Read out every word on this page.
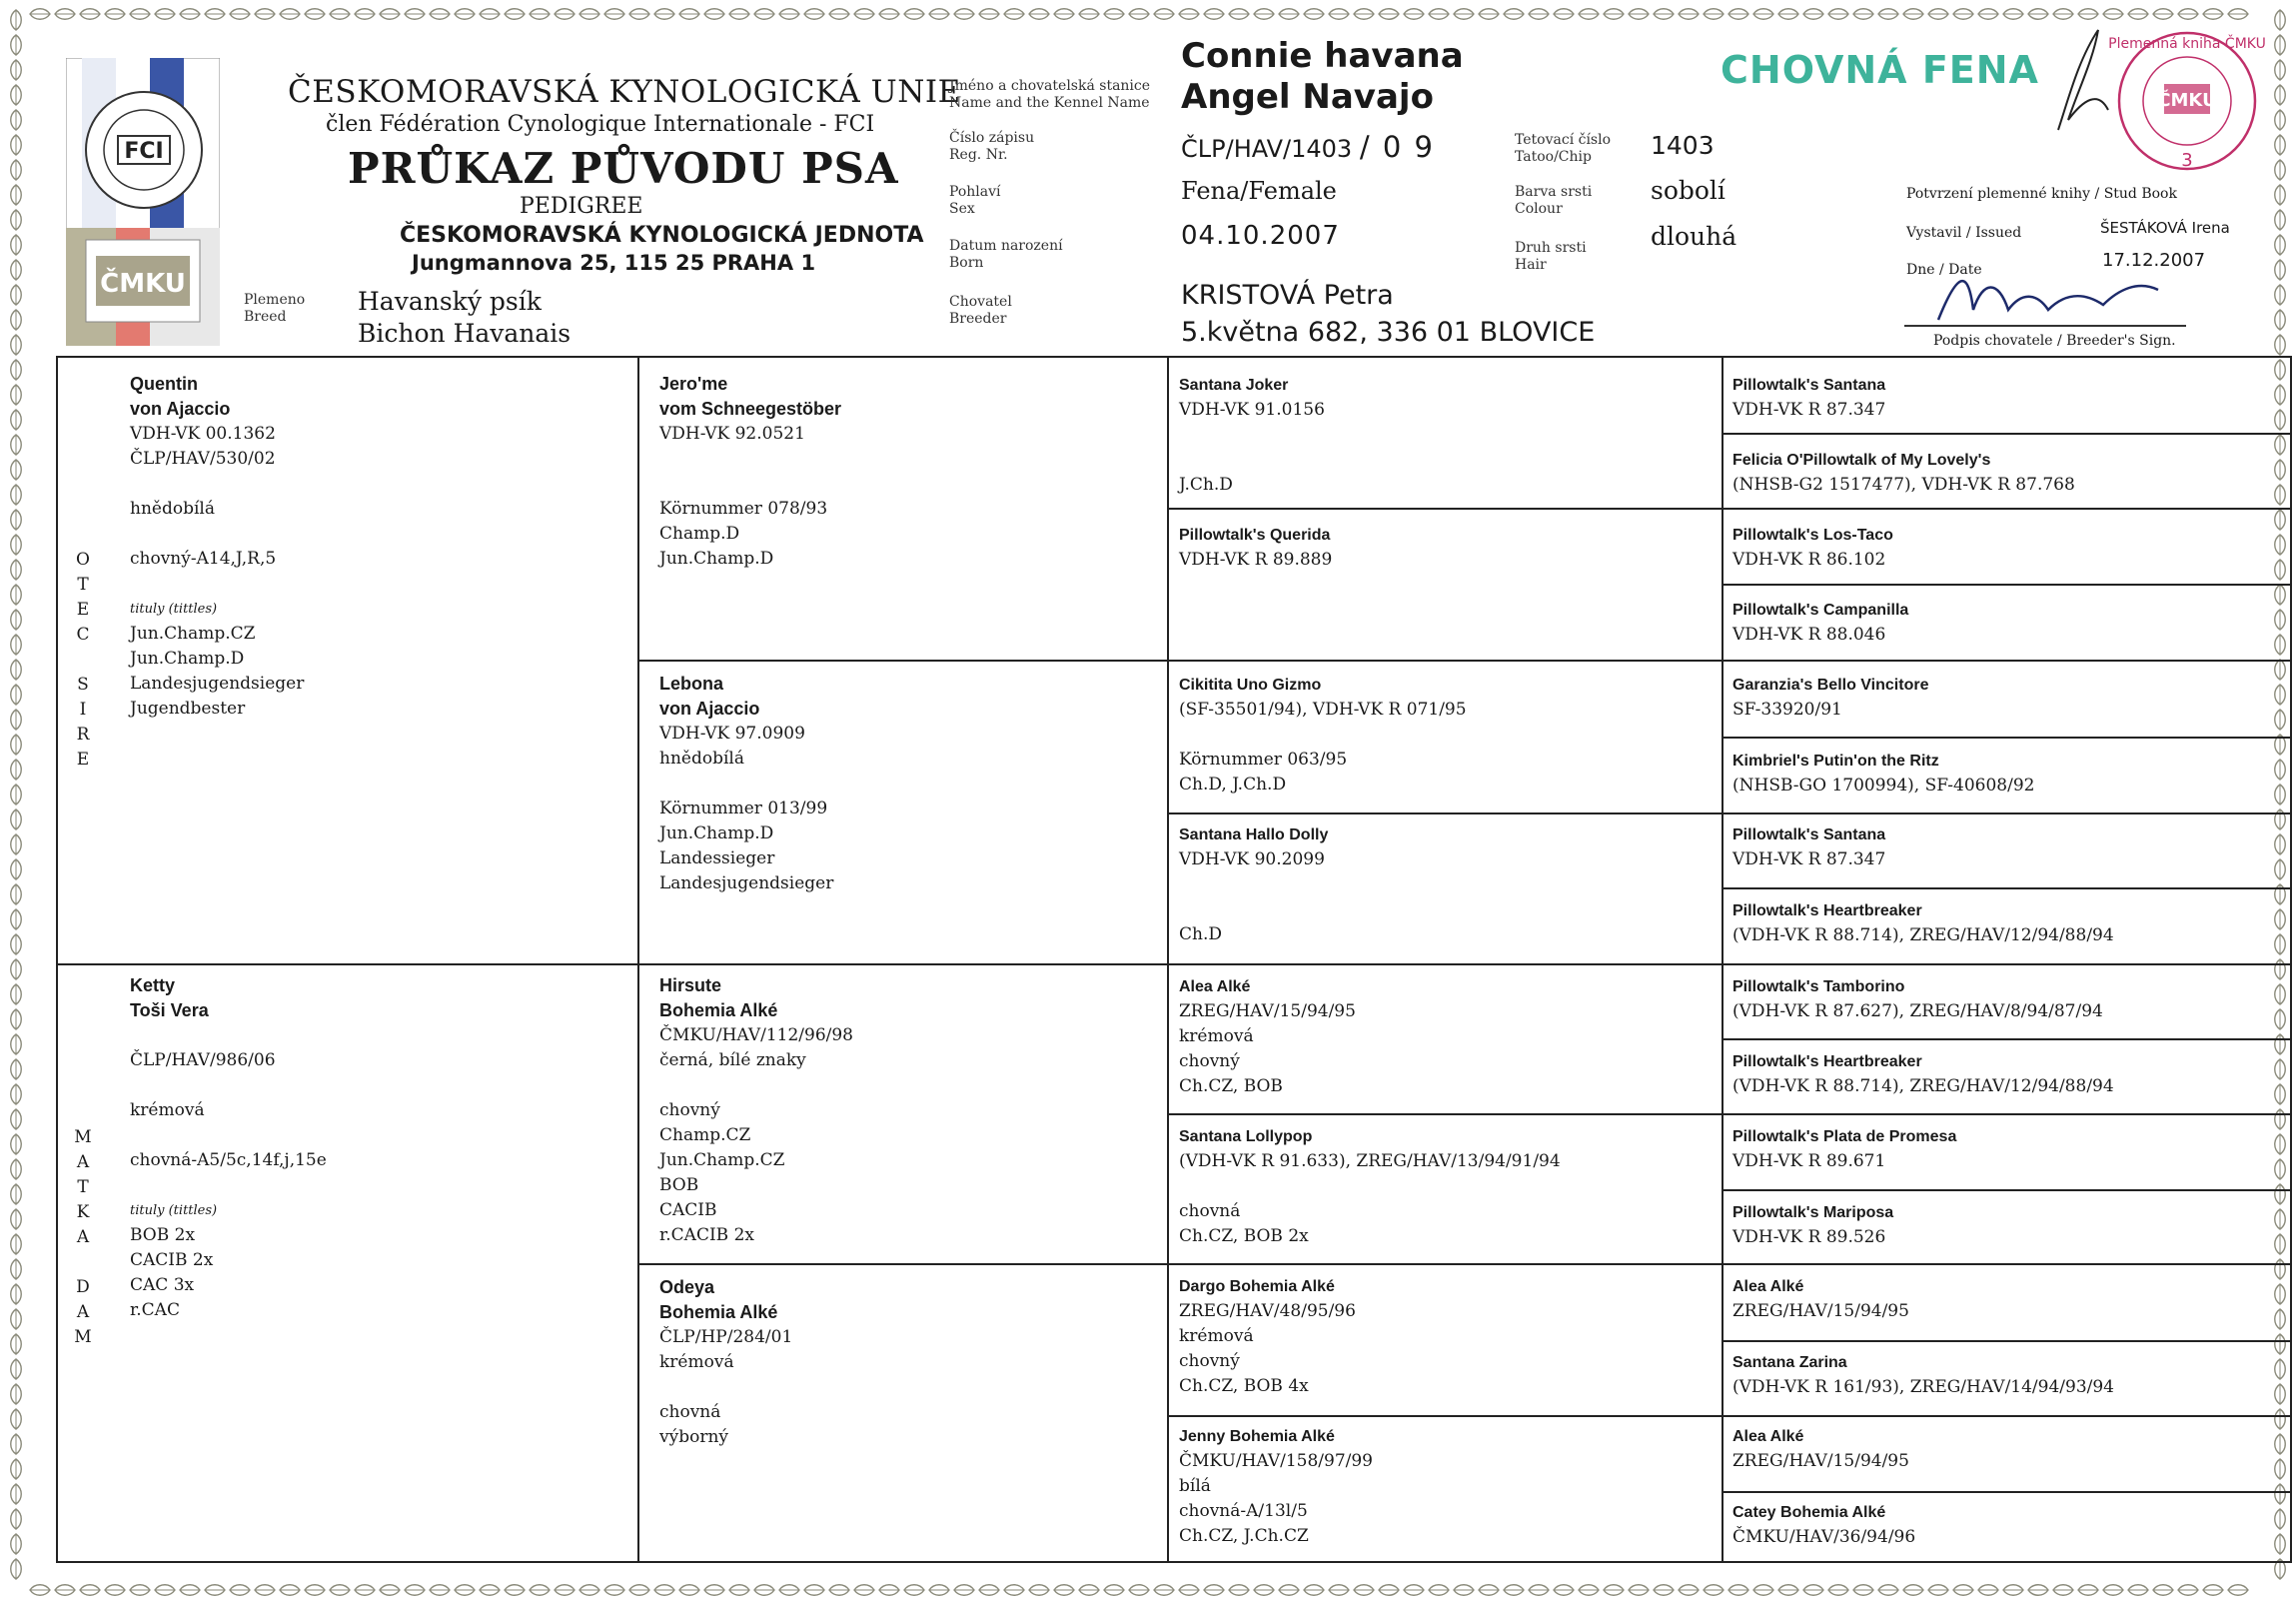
FCI
ČMKU
ČESKOMORAVSKÁ KYNOLOGICKÁ UNIE
člen Fédération Cynologique Internationale - FCI
PRŮKAZ PŮVODU PSA
PEDIGREE
ČESKOMORAVSKÁ KYNOLOGICKÁ JEDNOTA
Jungmannova 25, 115 25 PRAHA 1
Plemeno
Breed
Havanský psík
Bichon Havanais
Jméno a chovatelská stanice
Name and the Kennel Name
Číslo zápisu
Reg. Nr.
Pohlaví
Sex
Datum narození
Born
Chovatel
Breeder
Connie havana
Angel Navajo
ČLP/HAV/1403 / 0 9
Fena/Female
04.10.2007
KRISTOVÁ Petra
5.května 682, 336 01 BLOVICE
Tetovací číslo
Tatoo/Chip
Barva srsti
Colour
Druh srsti
Hair
1403
sobolí
dlouhá
CHOVNÁ FENA
ČMKU
Plemenná kniha ČMKU
3
Potvrzení plemenné knihy / Stud Book
Vystavil / Issued	ŠESTÁKOVÁ Irena
Dne / Date	17.12.2007
Podpis chovatele / Breeder's Sign.
O
T
E
C
S
I
R
E
M
A
T
K
A
D
A
M
Quentin
von Ajaccio
VDH-VK 00.1362
ČLP/HAV/530/02
hnědobílá
chovný-A14,J,R,5
tituly (tittles)
Jun.Champ.CZ
Jun.Champ.D
Landesjugendsieger
Jugendbester
Ketty
Toši Vera
ČLP/HAV/986/06
krémová
chovná-A5/5c,14f,j,15e
tituly (tittles)
BOB 2x
CACIB 2x
CAC 3x
r.CAC
Jero'me
vom Schneegestöber
VDH-VK 92.0521
Körnummer 078/93
Champ.D
Jun.Champ.D
Lebona
von Ajaccio
VDH-VK 97.0909
hnědobílá
Körnummer 013/99
Jun.Champ.D
Landessieger
Landesjugendsieger
Hirsute
Bohemia Alké
ČMKU/HAV/112/96/98
černá, bílé znaky
chovný
Champ.CZ
Jun.Champ.CZ
BOB
CACIB
r.CACIB 2x
Odeya
Bohemia Alké
ČLP/HP/284/01
krémová
chovná
výborný
Santana Joker
VDH-VK 91.0156
J.Ch.D
Pillowtalk's Querida
VDH-VK R 89.889
Cikitita Uno Gizmo
(SF-35501/94), VDH-VK R 071/95
Körnummer 063/95
Ch.D, J.Ch.D
Santana Hallo Dolly
VDH-VK 90.2099
Ch.D
Alea Alké
ZREG/HAV/15/94/95
krémová
chovný
Ch.CZ, BOB
Santana Lollypop
(VDH-VK R 91.633), ZREG/HAV/13/94/91/94
chovná
Ch.CZ, BOB 2x
Dargo Bohemia Alké
ZREG/HAV/48/95/96
krémová
chovný
Ch.CZ, BOB 4x
Jenny Bohemia Alké
ČMKU/HAV/158/97/99
bílá
chovná-A/13l/5
Ch.CZ, J.Ch.CZ
Pillowtalk's Santana
VDH-VK R 87.347
Felicia O'Pillowtalk of My Lovely's
(NHSB-G2 1517477), VDH-VK R 87.768
Pillowtalk's Los-Taco
VDH-VK R 86.102
Pillowtalk's Campanilla
VDH-VK R 88.046
Garanzia's Bello Vincitore
SF-33920/91
Kimbriel's Putin'on the Ritz
(NHSB-GO 1700994), SF-40608/92
Pillowtalk's Santana
VDH-VK R 87.347
Pillowtalk's Heartbreaker
(VDH-VK R 88.714), ZREG/HAV/12/94/88/94
Pillowtalk's Tamborino
(VDH-VK R 87.627), ZREG/HAV/8/94/87/94
Pillowtalk's Heartbreaker
(VDH-VK R 88.714), ZREG/HAV/12/94/88/94
Pillowtalk's Plata de Promesa
VDH-VK R 89.671
Pillowtalk's Mariposa
VDH-VK R 89.526
Alea Alké
ZREG/HAV/15/94/95
Santana Zarina
(VDH-VK R 161/93), ZREG/HAV/14/94/93/94
Alea Alké
ZREG/HAV/15/94/95
Catey Bohemia Alké
ČMKU/HAV/36/94/96
